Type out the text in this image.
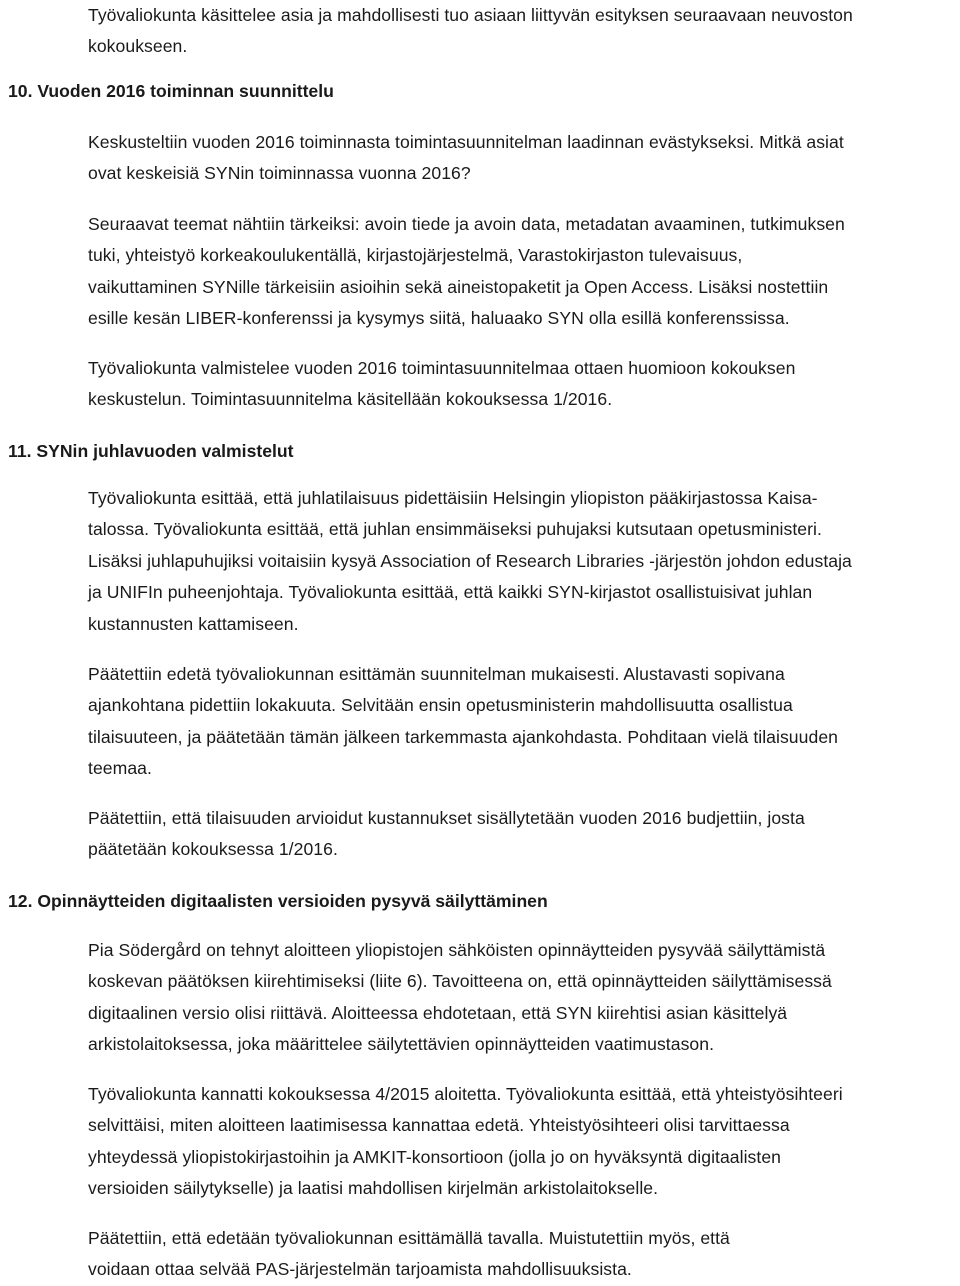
Työvaliokunta käsittelee asia ja mahdollisesti tuo asiaan liittyvän esityksen seuraavaan neuvoston
kokoukseen.

10. Vuoden 2016 toiminnan suunnittelu

Keskusteltiin vuoden 2016 toiminnasta toimintasuunnitelman laadinnan evästykseksi. Mitkä asiat
ovat keskeisiä SYNin toiminnassa vuonna 2016?

Seuraavat teemat nähtiin tärkeiksi: avoin tiede ja avoin data, metadatan avaaminen, tutkimuksen
tuki, yhteistyö korkeakoulukentällä, kirjastojärjestelmä, Varastokirjaston tulevaisuus,
vaikuttaminen SYNille tärkeisiin asioihin sekä aineistopaketit ja Open Access. Lisäksi nostettiin
esille kesän LIBER-konferenssi ja kysymys siitä, haluaako SYN olla esillä konferenssissa.

Työvaliokunta valmistelee vuoden 2016 toimintasuunnitelmaa ottaen huomioon kokouksen
keskustelun. Toimintasuunnitelma käsitellään kokouksessa 1/2016.

11. SYNin juhlavuoden valmistelut

Työvaliokunta esittää, että juhlatilaisuus pidettäisiin Helsingin yliopiston pääkirjastossa Kaisa-
talossa. Työvaliokunta esittää, että juhlan ensimmäiseksi puhujaksi kutsutaan opetusministeri.
Lisäksi juhlapuhujiksi voitaisiin kysyä Association of Research Libraries -järjestön johdon edustaja
ja UNIFIn puheenjohtaja. Työvaliokunta esittää, että kaikki SYN-kirjastot osallistuisivat juhlan
kustannusten kattamiseen.

Päätettiin edetä työvaliokunnan esittämän suunnitelman mukaisesti. Alustavasti sopivana
ajankohtana pidettiin lokakuuta. Selvitään ensin opetusministerin mahdollisuutta osallistua
tilaisuuteen, ja päätetään tämän jälkeen tarkemmasta ajankohdasta. Pohditaan vielä tilaisuuden
teemaa.

Päätettiin, että tilaisuuden arvioidut kustannukset sisällytetään vuoden 2016 budjettiin, josta
päätetään kokouksessa 1/2016.

12. Opinnäytteiden digitaalisten versioiden pysyvä säilyttäminen

Pia Södergård on tehnyt aloitteen yliopistojen sähköisten opinnäytteiden pysyvää säilyttämistä
koskevan päätöksen kiirehtimiseksi (liite 6). Tavoitteena on, että opinnäytteiden säilyttämisessä
digitaalinen versio olisi riittävä. Aloitteessa ehdotetaan, että SYN kiirehtisi asian käsittelyä
arkistolaitoksessa, joka määrittelee säilytettävien opinnäytteiden vaatimustason.

Työvaliokunta kannatti kokouksessa 4/2015 aloitetta. Työvaliokunta esittää, että yhteistyösihteeri
selvittäisi, miten aloitteen laatimisessa kannattaa edetä. Yhteistyösihteeri olisi tarvittaessa
yhteydessä yliopistokirjastoihin ja AMKIT-konsortioon (jolla jo on hyväksyntä digitaalisten
versioiden säilytykselle) ja laatisi mahdollisen kirjelmän arkistolaitokselle.

Päätettiin, että edetään työvaliokunnan esittämällä tavalla. Muistutettiin myös, että
voidaan ottaa selvää PAS-järjestelmän tarjoamista mahdollisuuksista.
